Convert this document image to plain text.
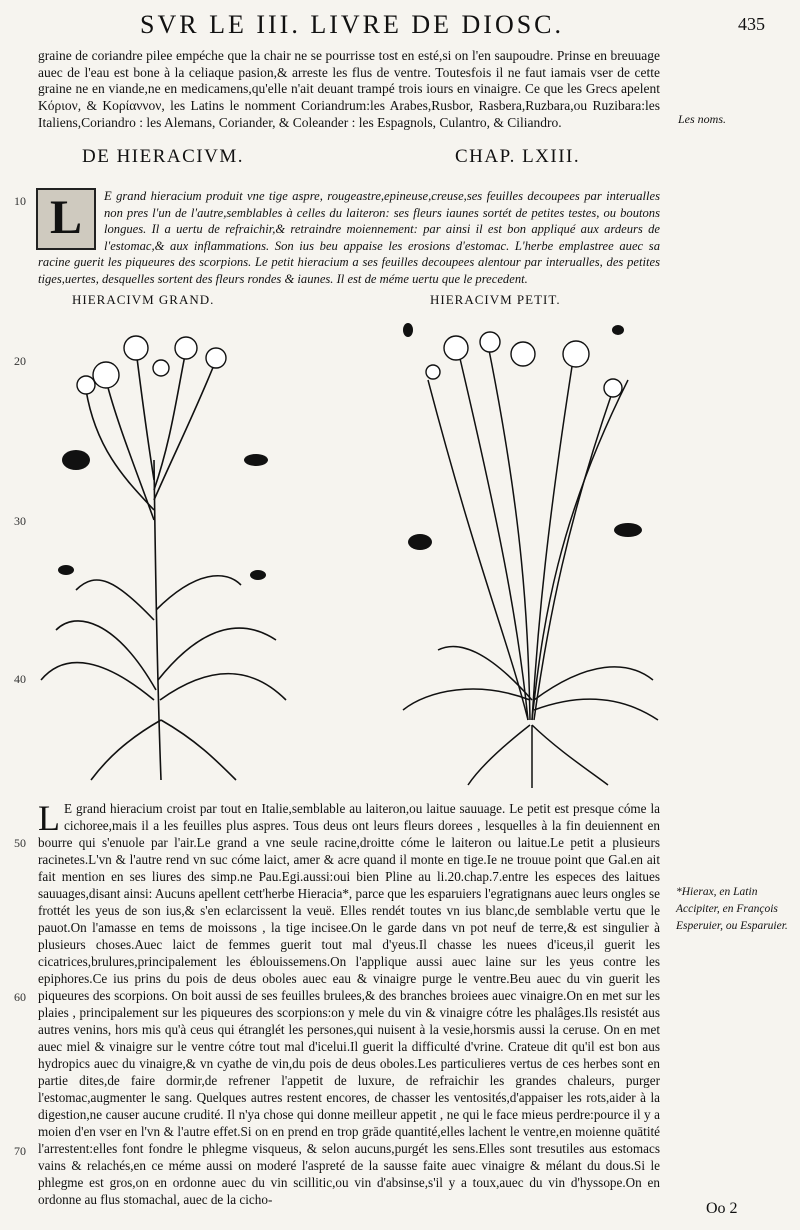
SVR LE III. LIVRE DE DIOSC.	435
graine de coriandre pilee empéche que la chair ne se pourrisse tost en esté,si on l'en saupoudre. Prinse en breuuage auec de l'eau est bone à la celiaque pasion,& arreste les flus de ventre. Toutesfois il ne faut iamais vser de cette graine ne en viande,ne en medicamens,qu'elle n'ait deuant trampé trois iours en vinaigre. Ce que les Grecs apelent Κόριον, & Κορίαννον, les Latins le nomment Coriandrum:les Arabes,Rusbor, Rasbera,Ruzbara,ou Ruzibara:les Italiens,Coriandro : les Alemans, Coriander, & Coleander : les Espagnols, Culantro, & Ciliandro.	Les noms.
DE HIERACIVM.	CHAP. LXIII.
10
20
30
40
50
60
70
E grand hieracium produit vne tige aspre, rougeastre,epineuse,creuse,ses feuilles decoupees par interualles non pres l'un de l'autre,semblables à celles du laiteron: ses fleurs iaunes sortét de petites testes, ou boutons longues. Il a uertu de refraichir,& retraindre moiennement: par ainsi il est bon appliqué aux ardeurs de l'estomac,& aux inflammations. Son ius beu appaise les erosions d'estomac. L'herbe emplastree auec sa racine guerit les piqueures des scorpions. Le petit hieracium a ses feuilles decoupees alentour par interualles, des petites tiges,uertes, desquelles sortent des fleurs rondes & iaunes. Il est de méme uertu que le precedent.
L
HIERACIVM GRAND.	HIERACIVM PETIT.
L E grand hieracium croist par tout en Italie,semblable au laiteron,ou laitue sauuage. Le petit est presque cóme la cichoree,mais il a les feuilles plus aspres. Tous deus ont leurs fleurs dorees , lesquelles à la fin deuiennent en bourre qui s'enuole par l'air.Le grand a vne seule racine,droitte cóme le laiteron ou laitue.Le petit a plusieurs racinetes.L'vn & l'autre rend vn suc cóme laict, amer & acre quand il monte en tige.Ie ne trouue point que Gal.en ait fait mention en ses liures des simp.ne Pau.Egi.aussi:oui bien Pline au li.20.chap.7.entre les especes des laitues sauuages,disant ainsi: Aucuns apellent cett'herbe Hieracia*, parce que les esparuiers l'egratignans auec leurs ongles se frottét les yeus de son ius,& s'en eclarcissent la veuë. Elles rendét toutes vn ius blanc,de semblable vertu que le pauot.On l'amasse en tems de moissons , la tige incisee.On le garde dans vn pot neuf de terre,& est singulier à plusieurs choses.Auec laict de femmes guerit tout mal d'yeus.Il chasse les nuees d'iceus,il guerit les cicatrices,brulures,principalement les éblouissemens.On l'applique aussi auec laine sur les yeus contre les epiphores.Ce ius prins du pois de deus oboles auec eau & vinaigre purge le ventre.Beu auec du vin guerit les piqueures des scorpions. On boit aussi de ses feuilles brulees,& des branches broiees auec vinaigre.On en met sur les plaies , principalement sur les piqueures des scorpions:on y mele du vin & vinaigre cótre les phalâges.Ils resistét aus autres venins, hors mis qu'à ceus qui étranglét les persones,qui nuisent à la vesie,horsmis aussi la ceruse. On en met auec miel & vinaigre sur le ventre cótre tout mal d'icelui.Il guerit la difficulté d'vrine. Crateue dit qu'il est bon aus hydropics auec du vinaigre,& vn cyathe de vin,du pois de deus oboles.Les particulieres vertus de ces herbes sont en partie dites,de faire dormir,de refrener l'appetit de luxure, de refraichir les grandes chaleurs, purger l'estomac,augmenter le sang. Quelques autres restent encores, de chasser les ventosités,d'appaiser les rots,aider à la digestion,ne causer aucune crudité. Il n'ya chose qui donne meilleur appetit , ne qui le face mieus perdre:pource il y a moien d'en vser en l'vn & l'autre effet.Si on en prend en trop grāde quantité,elles lachent le ventre,en moienne quātité l'arrestent:elles font fondre le phlegme visqueus, & selon aucuns,purgét les sens.Elles sont tresutiles aus estomacs vains & relachés,en ce méme aussi on moderé l'aspreté de la sausse faite auec vinaigre & mélant du dous.Si le phlegme est gros,on en ordonne auec du vin scillitic,ou vin d'absinse,s'il y a toux,auec du vin d'hyssope.On en ordonne au flus stomachal, auec de la cicho-
*Hierax, en Latin Accipiter, en François Esperuier, ou Esparuier.
Oo 2
